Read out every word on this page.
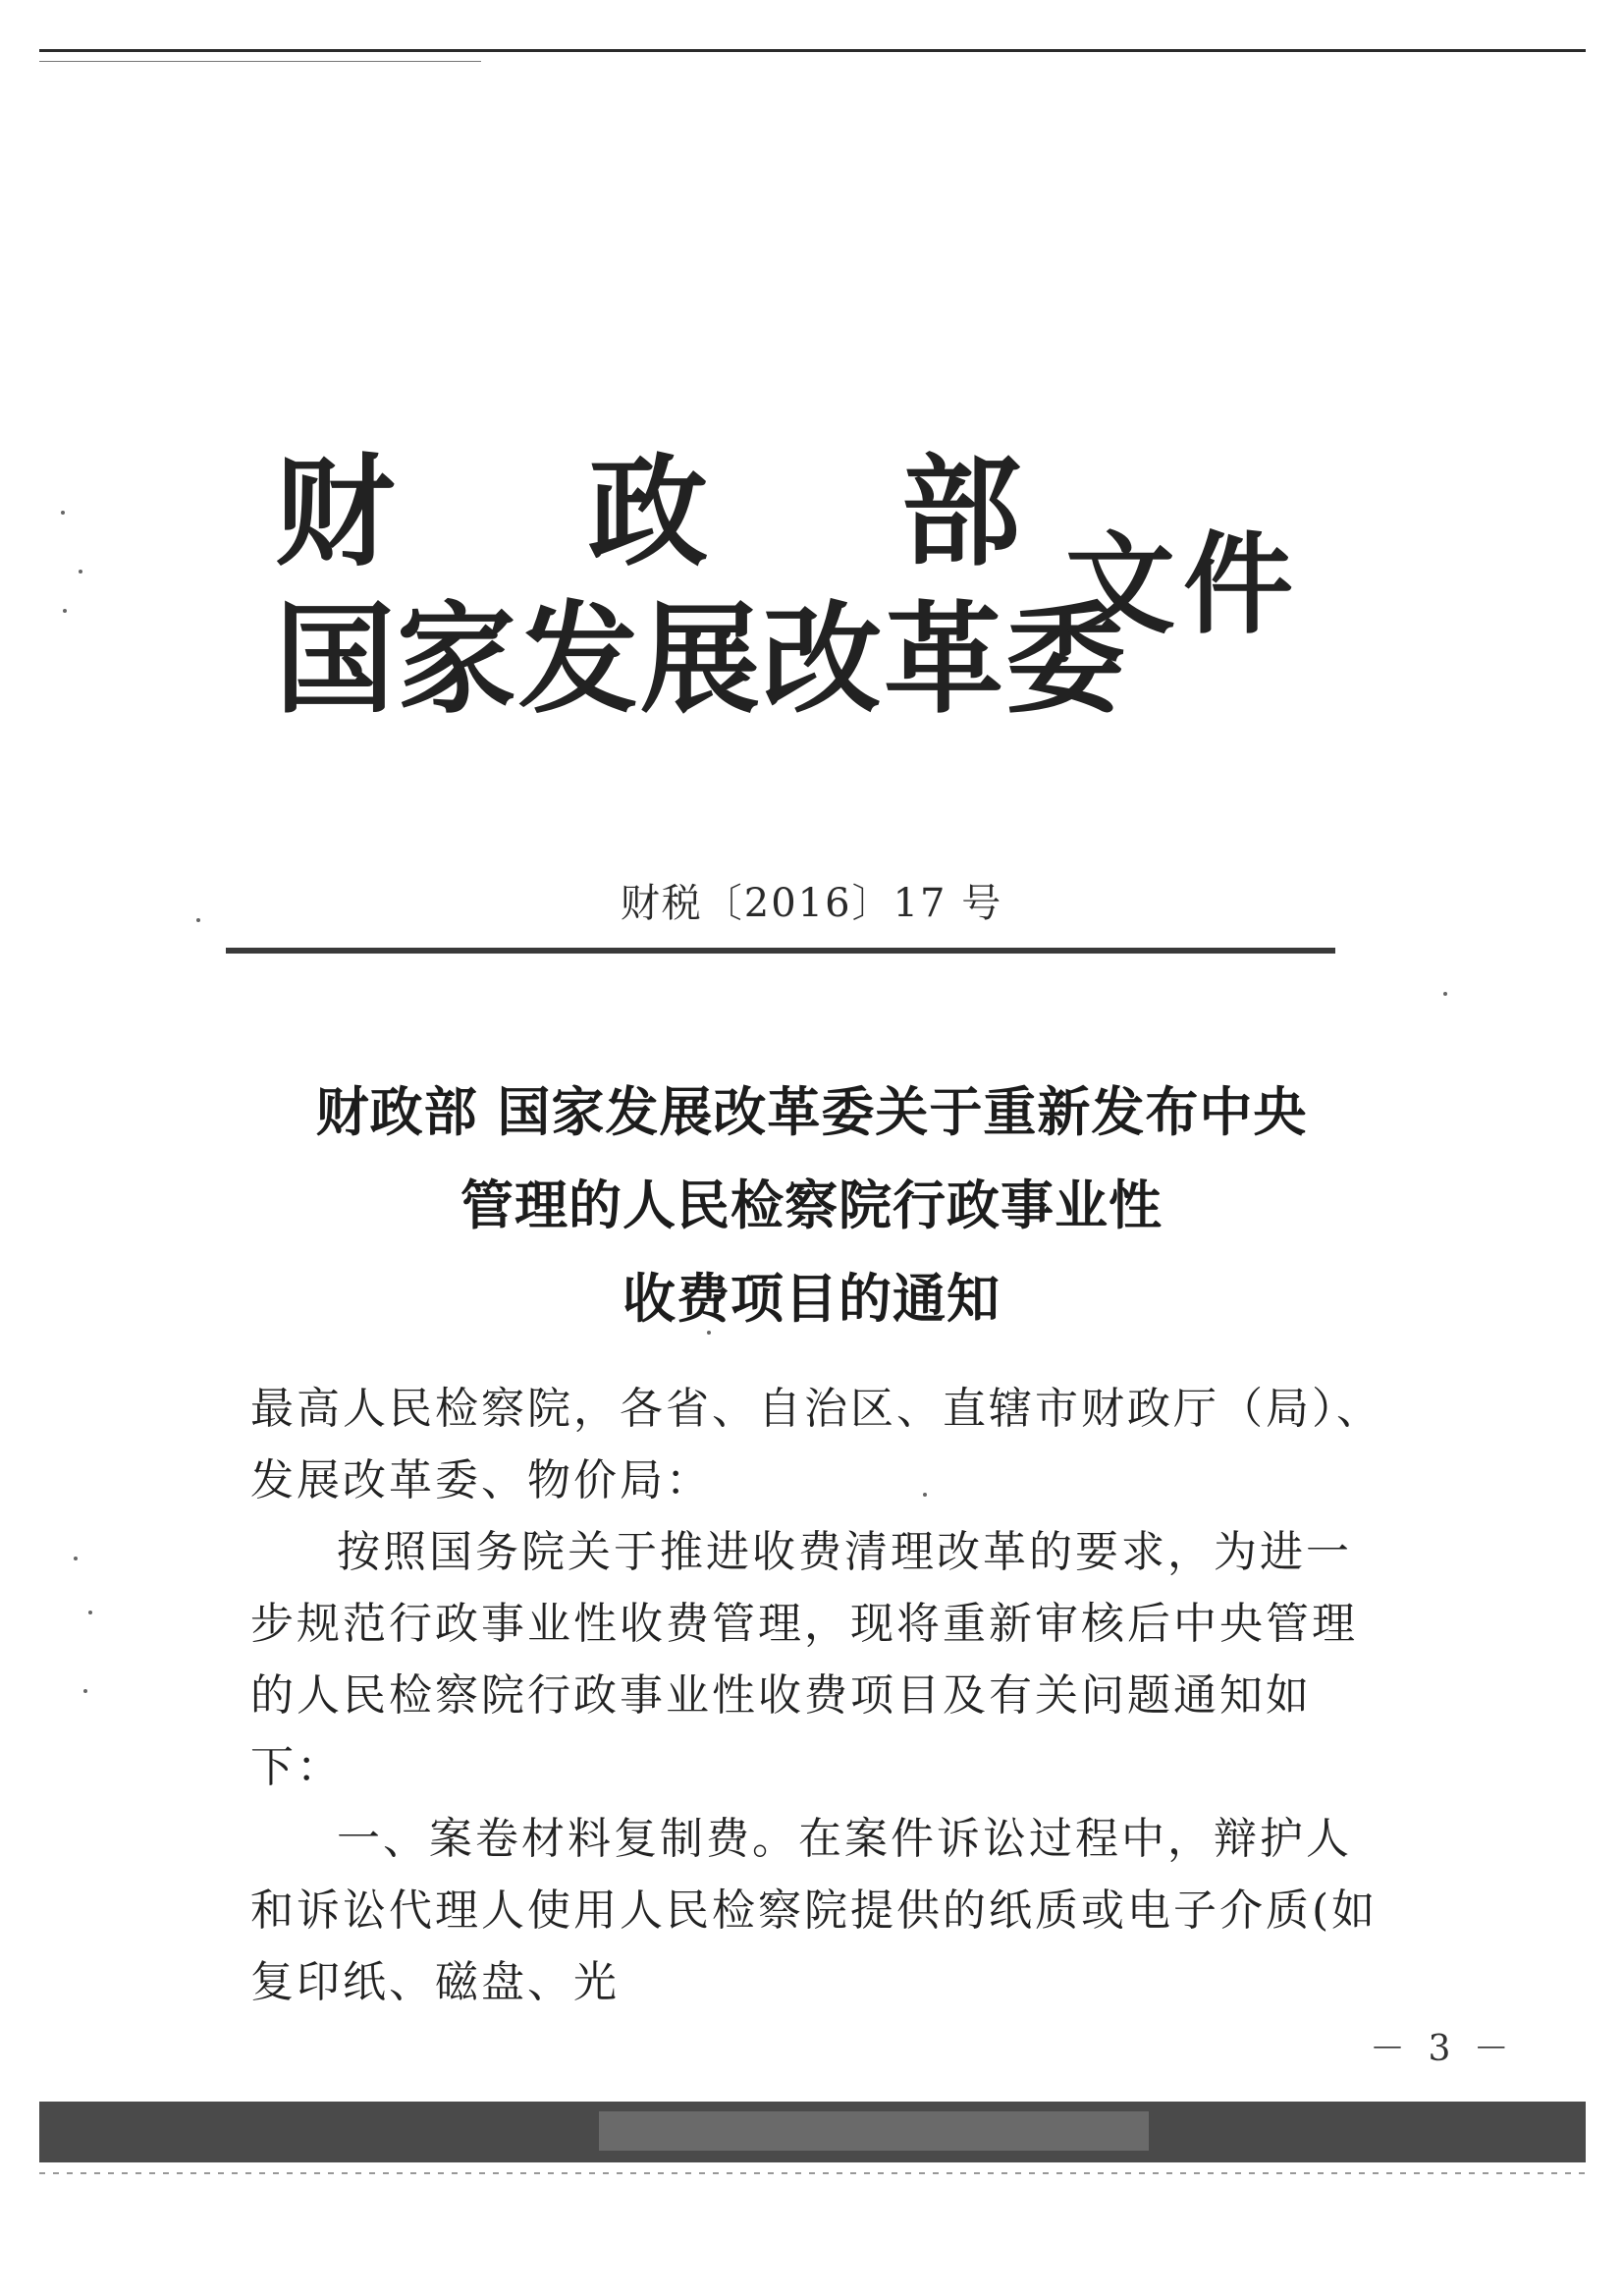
财 政 部
国家发展改革委
文件
财税〔2016〕17 号
财政部 国家发展改革委关于重新发布中央
管理的人民检察院行政事业性
收费项目的通知

最高人民检察院，各省、自治区、直辖市财政厅（局）、发展改革委、物价局：

按照国务院关于推进收费清理改革的要求，为进一步规范行政事业性收费管理，现将重新审核后中央管理的人民检察院行政事业性收费项目及有关问题通知如下：

一、案卷材料复制费。在案件诉讼过程中，辩护人和诉讼代理人使用人民检察院提供的纸质或电子介质(如复印纸、磁盘、光

－ 3 －
